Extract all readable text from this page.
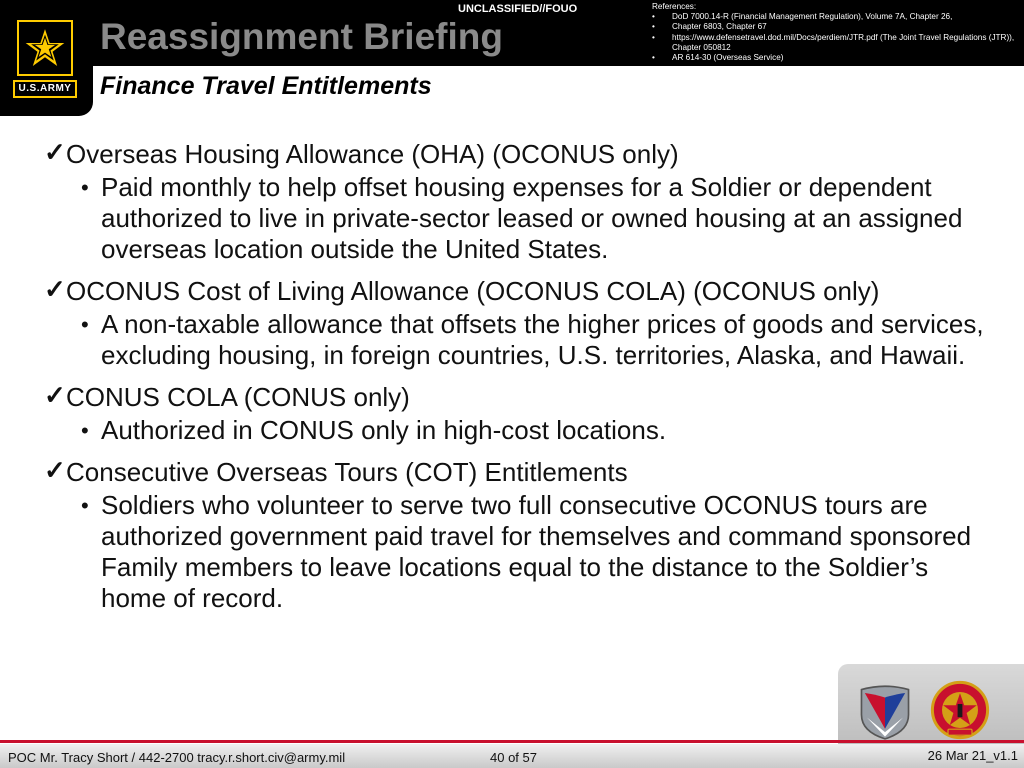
U.S.ARMY
Reassignment Briefing
UNCLASSIFIED//FOUO	References:
• DoD 7000.14-R (Financial Management Regulation), Volume 7A, Chapter 26,
• Chapter 6803, Chapter 67
• https://www.defensetravel.dod.mil/Docs/perdiem/JTR.pdf (The Joint Travel Regulations (JTR)), Chapter 050812
• AR 614-30 (Overseas Service)
Finance Travel Entitlements
✓ Overseas Housing Allowance (OHA) (OCONUS only)
• Paid monthly to help offset housing expenses for a Soldier or dependent authorized to live in private-sector leased or owned housing at an assigned overseas location outside the United States.
✓ OCONUS Cost of Living Allowance (OCONUS COLA) (OCONUS only)
• A non-taxable allowance that offsets the higher prices of goods and services, excluding housing, in foreign countries, U.S. territories, Alaska, and Hawaii.
✓ CONUS COLA (CONUS only)
• Authorized in CONUS only in high-cost locations.
✓ Consecutive Overseas Tours (COT) Entitlements
• Soldiers who volunteer to serve two full consecutive OCONUS tours are authorized government paid travel for themselves and command sponsored Family members to leave locations equal to the distance to the Soldier’s home of record.
POC Mr. Tracy Short / 442-2700 tracy.r.short.civ@army.mil	40 of 57	26 Mar 21_v1.1
